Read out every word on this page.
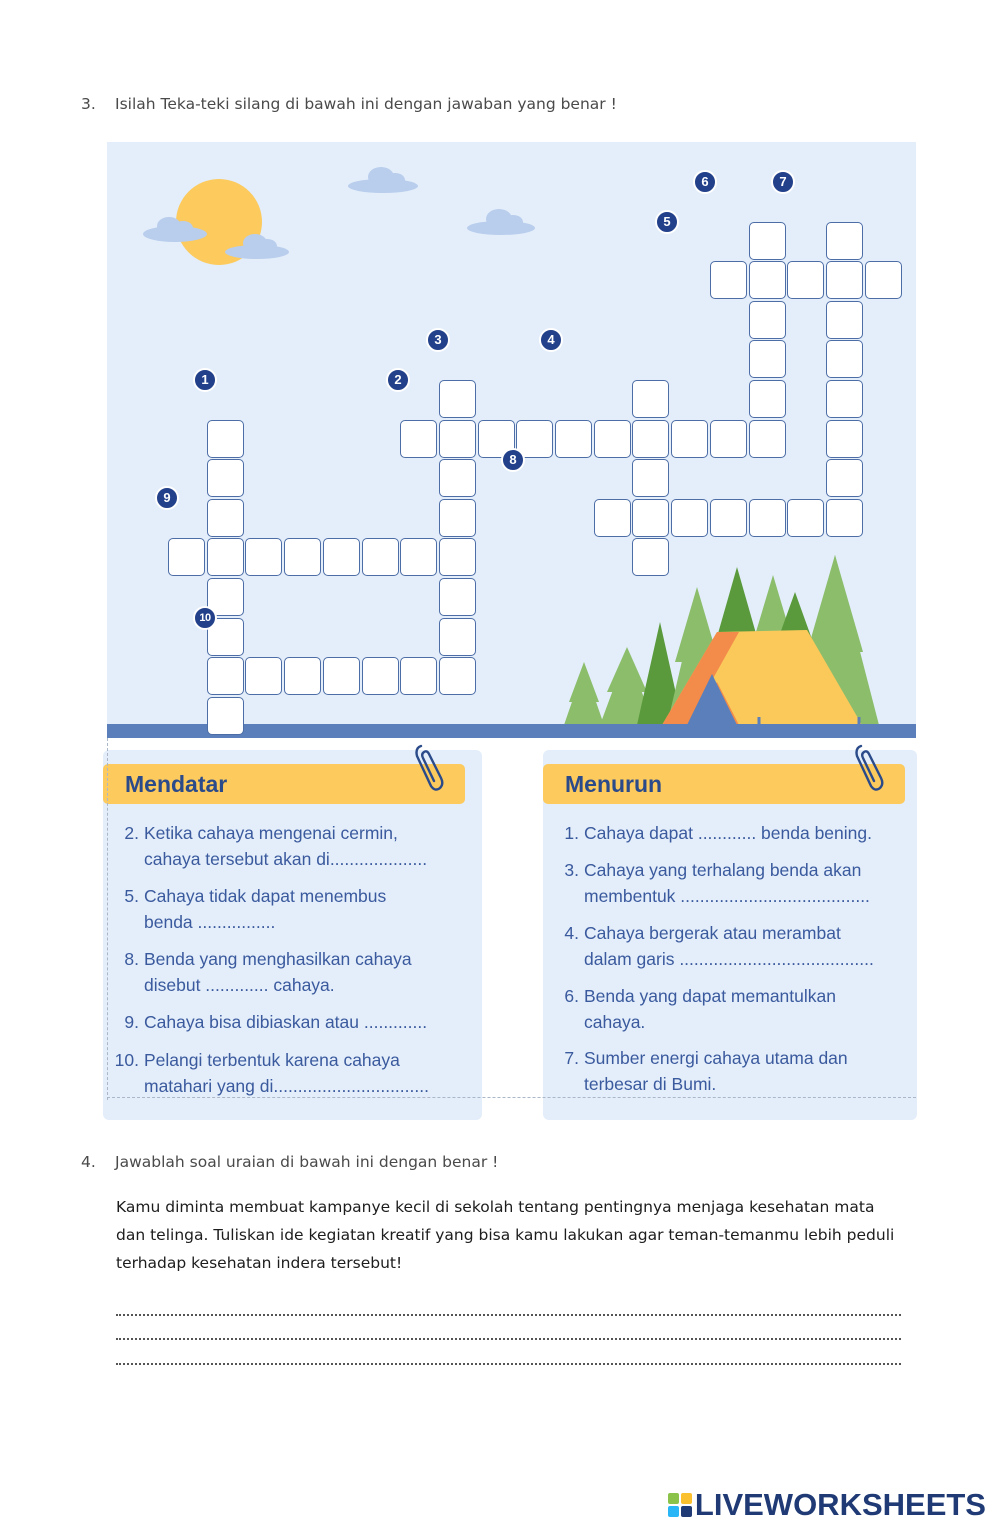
3. Isilah Teka-teki silang di bawah ini dengan jawaban yang benar !
1	2
3	4
5
6	7
8
9
10
Mendatar	Menurun
2. Ketika cahaya mengenai cermin,
cahaya tersebut akan di....................
5. Cahaya tidak dapat menembus
benda ................
8. Benda yang menghasilkan cahaya
disebut ............. cahaya.
9. Cahaya bisa dibiaskan atau .............
10. Pelangi terbentuk karena cahaya
matahari yang di................................
1. Cahaya dapat ............ benda bening.
3. Cahaya yang terhalang benda akan
membentuk .......................................
4. Cahaya bergerak atau merambat
dalam garis ........................................
6. Benda yang dapat memantulkan
cahaya.
7. Sumber energi cahaya utama dan
terbesar di Bumi.
4. Jawablah soal uraian di bawah ini dengan benar !
Kamu diminta membuat kampanye kecil di sekolah tentang pentingnya menjaga kesehatan mata
dan telinga. Tuliskan ide kegiatan kreatif yang bisa kamu lakukan agar teman-temanmu lebih peduli
terhadap kesehatan indera tersebut!
LIVEWORKSHEETS
